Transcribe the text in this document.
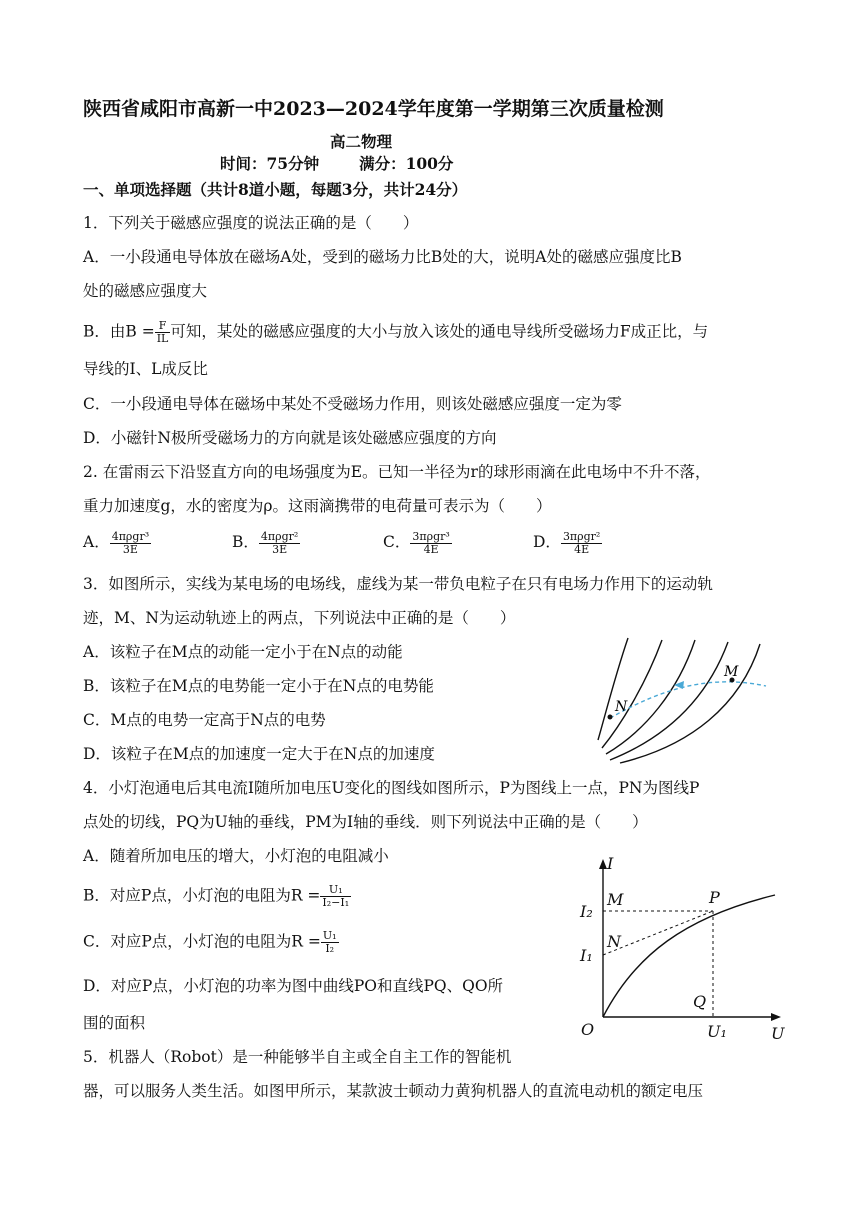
陕西省咸阳市高新一中2023—2024学年度第一学期第三次质量检测
高二物理
时间：75分钟	满分：100分
一、单项选择题（共计8道小题，每题3分，共计24分）
1．下列关于磁感应强度的说法正确的是（　　）
A．一小段通电导体放在磁场A处，受到的磁场力比B处的大，说明A处的磁感应强度比B
处的磁感应强度大
B．由$B = \frac{F}{IL}$ 可知，某处的磁感应强度的大小与放入该处的通电导线所受磁场力F成正比，与
导线的I、L成反比
C．一小段通电导体在磁场中某处不受磁场力作用，则该处磁感应强度一定为零
D．小磁针N极所受磁场力的方向就是该处磁感应强度的方向
2. 在雷雨云下沿竖直方向的电场强度为E。已知一半径为r的球形雨滴在此电场中不升不落，
重力加速度g，水的密度为ρ。这雨滴携带的电荷量可表示为（　　）
A． $\frac{\text{4πρgr³}}{3E}$	B． $\frac{\text{4πρgr²}}{3E}$	C． $\frac{\text{3πρgr³}}{4E}$	D． $\frac{\text{3πρgr²}}{4E}$
3．如图所示，实线为某电场的电场线，虚线为某一带负电粒子在只有电场力作用下的运动轨
迹，M、N为运动轨迹上的两点，下列说法中正确的是（　　）
A．该粒子在M点的动能一定小于在N点的动能
B．该粒子在M点的电势能一定小于在N点的电势能
C．M点的电势一定高于N点的电势
D．该粒子在M点的加速度一定大于在N点的加速度
M
N
4．小灯泡通电后其电流I随所加电压U变化的图线如图所示，P为图线上一点，PN为图线P
点处的切线，PQ为U轴的垂线，PM为I轴的垂线．则下列说法中正确的是（　　）
A．随着所加电压的增大，小灯泡的电阻减小
B．对应P点，小灯泡的电阻为$R = \frac{\text{U₁}}{\text{I₂−I₁}}$
C．对应P点，小灯泡的电阻为$R = \frac{\text{U₁}}{\text{I₂}}$
D．对应P点，小灯泡的功率为图中曲线PO和直线PQ、QO所
围的面积
I
U
O
M	P
N
Q
I₂
I₁
U₁
5．机器人（Robot）是一种能够半自主或全自主工作的智能机
器，可以服务人类生活。如图甲所示，某款波士顿动力黄狗机器人的直流电动机的额定电压
